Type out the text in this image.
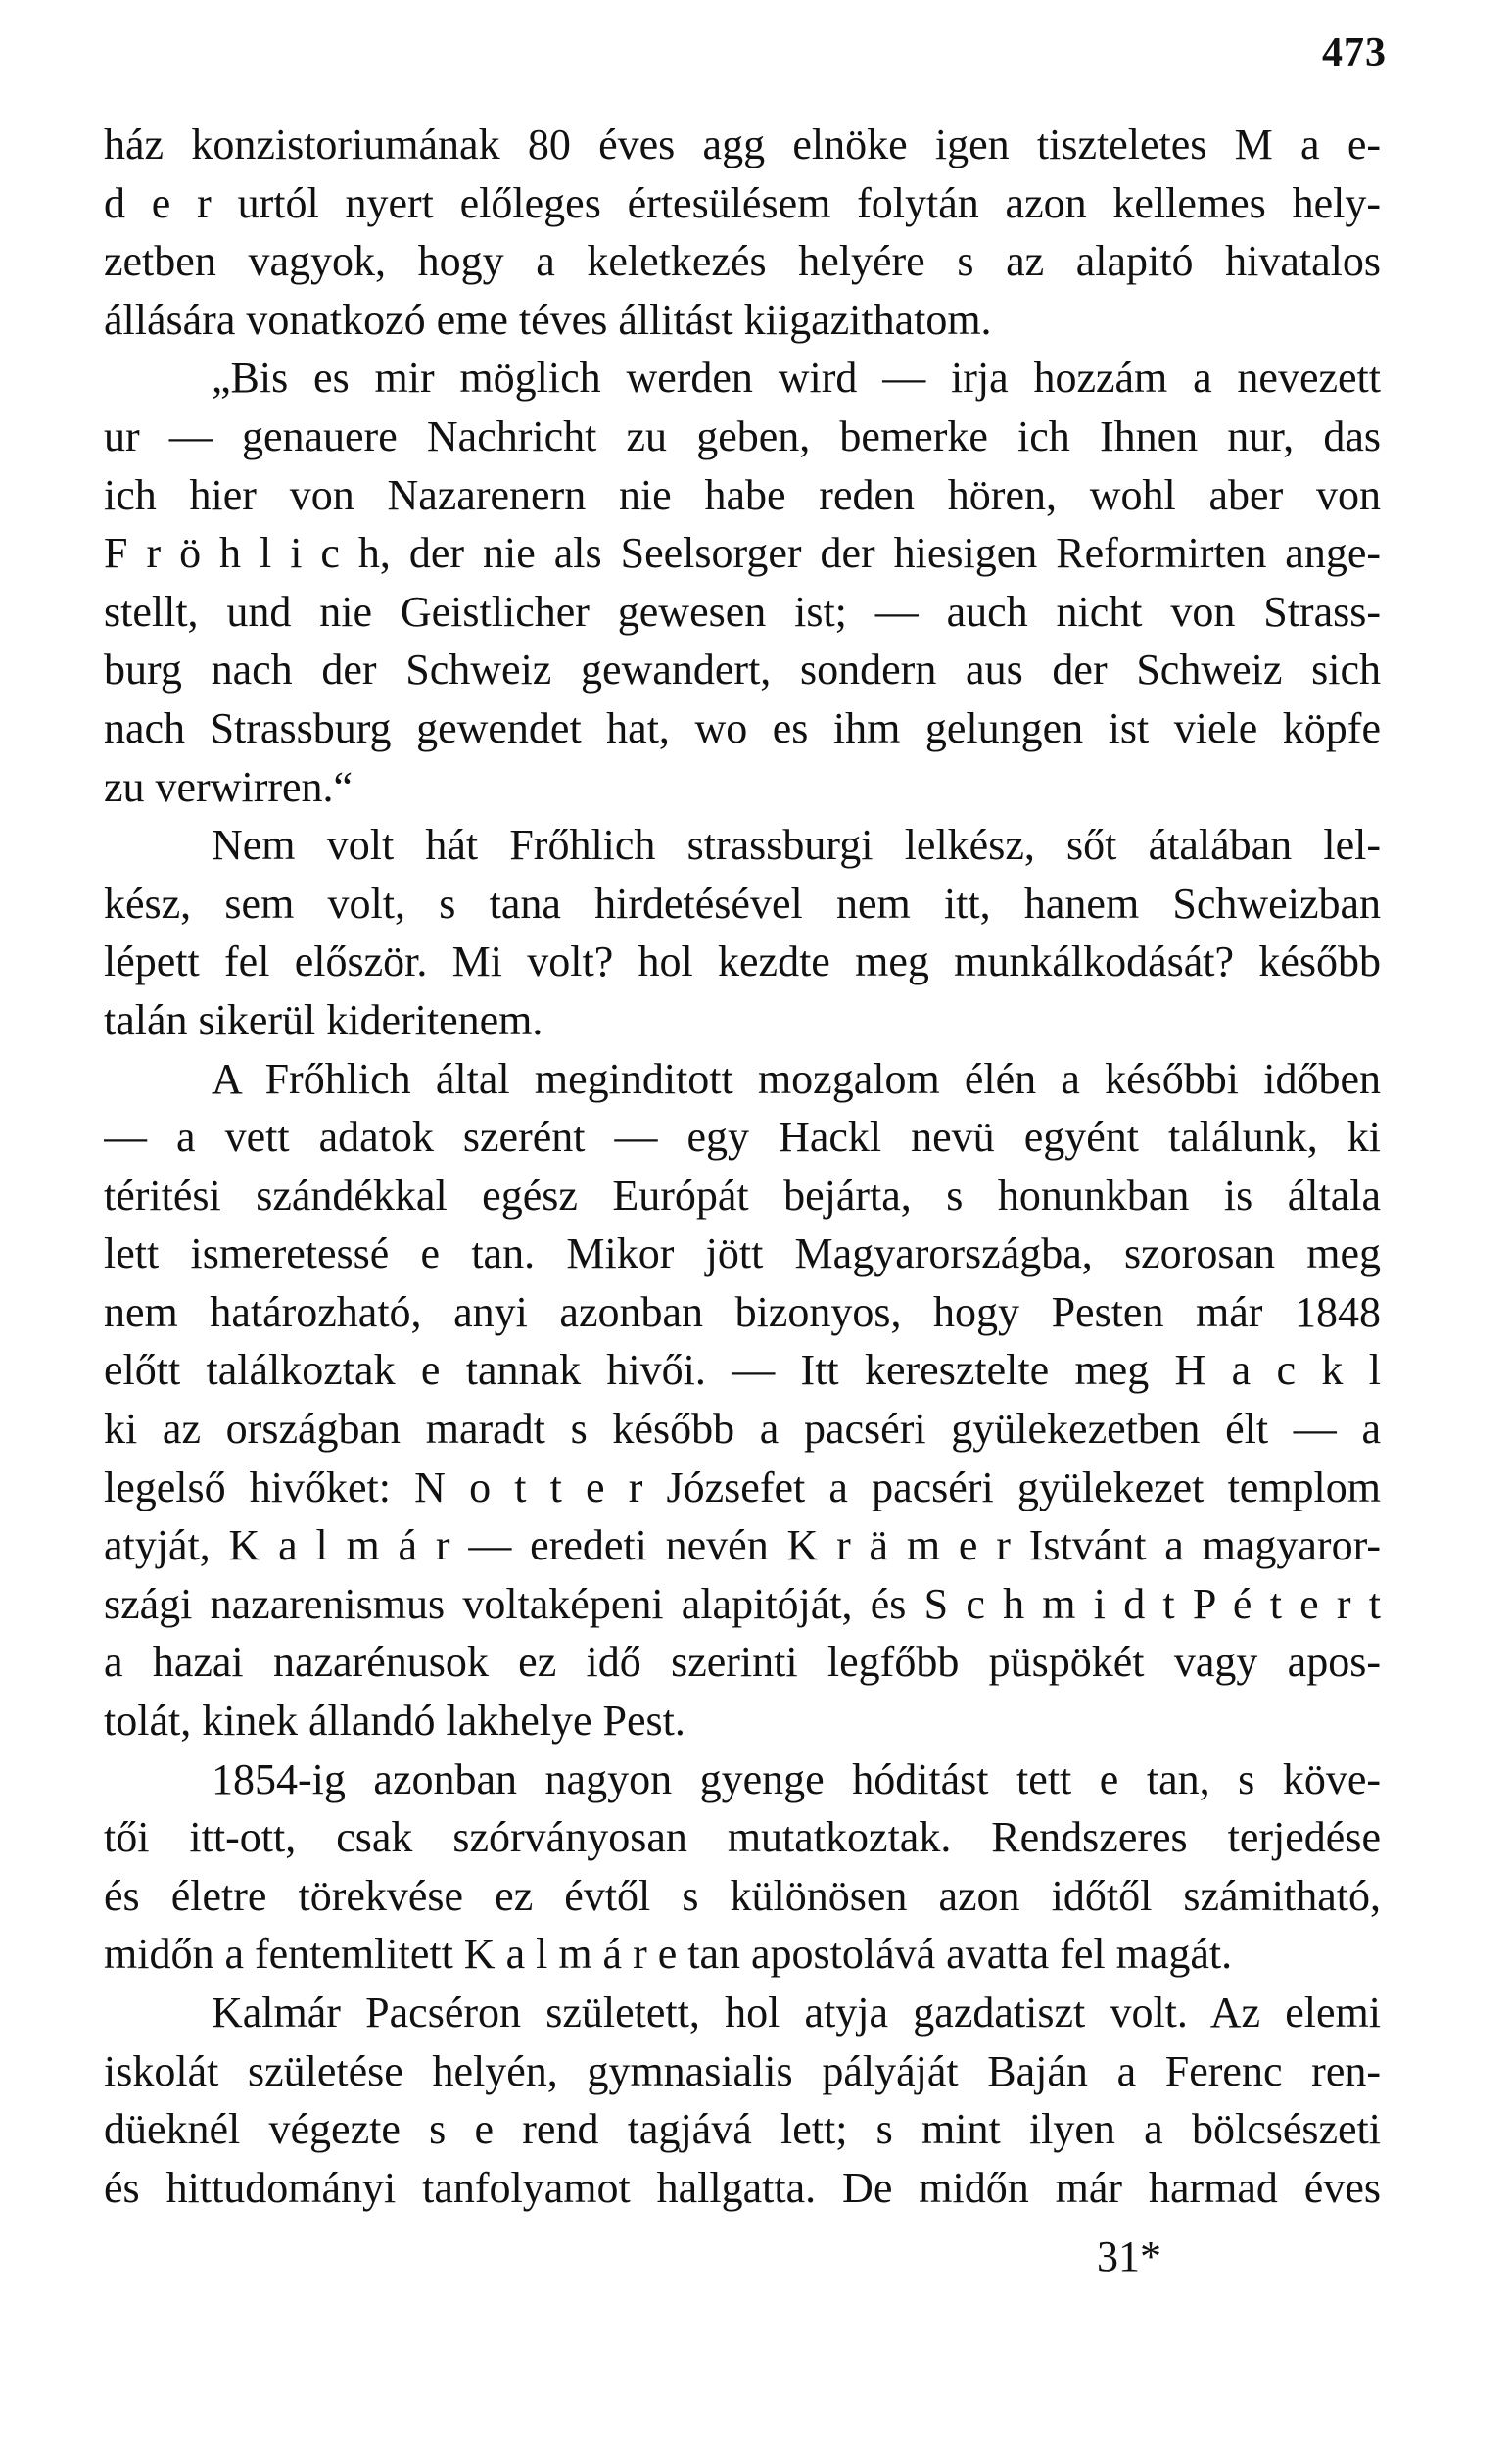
473
ház konzistoriumának 80 éves agg elnöke igen tiszteletes M a e-
d e r urtól nyert előleges értesülésem folytán azon kellemes hely-
zetben vagyok, hogy a keletkezés helyére s az alapitó hivatalos
állására vonatkozó eme téves állitást kiigazithatom.
„Bis es mir möglich werden wird — irja hozzám a nevezett
ur — genauere Nachricht zu geben, bemerke ich Ihnen nur, das
ich hier von Nazarenern nie habe reden hören, wohl aber von
F r ö h l i c h, der nie als Seelsorger der hiesigen Reformirten ange-
stellt, und nie Geistlicher gewesen ist; — auch nicht von Strass-
burg nach der Schweiz gewandert, sondern aus der Schweiz sich
nach Strassburg gewendet hat, wo es ihm gelungen ist viele köpfe
zu verwirren.“
Nem volt hát Frőhlich strassburgi lelkész, sőt átalában lel-
kész, sem volt, s tana hirdetésével nem itt, hanem Schweizban
lépett fel először. Mi volt? hol kezdte meg munkálkodását? később
talán sikerül kideritenem.
A Frőhlich által meginditott mozgalom élén a későbbi időben
— a vett adatok szerént — egy Hackl nevü egyént találunk, ki
téritési szándékkal egész Európát bejárta, s honunkban is általa
lett ismeretessé e tan. Mikor jött Magyarországba, szorosan meg
nem határozható, anyi azonban bizonyos, hogy Pesten már 1848
előtt találkoztak e tannak hivői. — Itt keresztelte meg H a c k l
ki az országban maradt s később a pacséri gyülekezetben élt — a
legelső hivőket: N o t t e r Józsefet a pacséri gyülekezet templom
atyját, K a l m á r — eredeti nevén K r ä m e r Istvánt a magyaror-
szági nazarenismus voltaképeni alapitóját, és S c h m i d t P é t e r t
a hazai nazarénusok ez idő szerinti legfőbb püspökét vagy apos-
tolát, kinek állandó lakhelye Pest.
1854-ig azonban nagyon gyenge hóditást tett e tan, s köve-
tői itt-ott, csak szórványosan mutatkoztak. Rendszeres terjedése
és életre törekvése ez évtől s különösen azon időtől számitható,
midőn a fentemlitett K a l m á r e tan apostolává avatta fel magát.
Kalmár Pacséron született, hol atyja gazdatiszt volt. Az elemi
iskolát születése helyén, gymnasialis pályáját Baján a Ferenc ren-
düeknél végezte s e rend tagjává lett; s mint ilyen a bölcsészeti
és hittudományi tanfolyamot hallgatta. De midőn már harmad éves
31*
